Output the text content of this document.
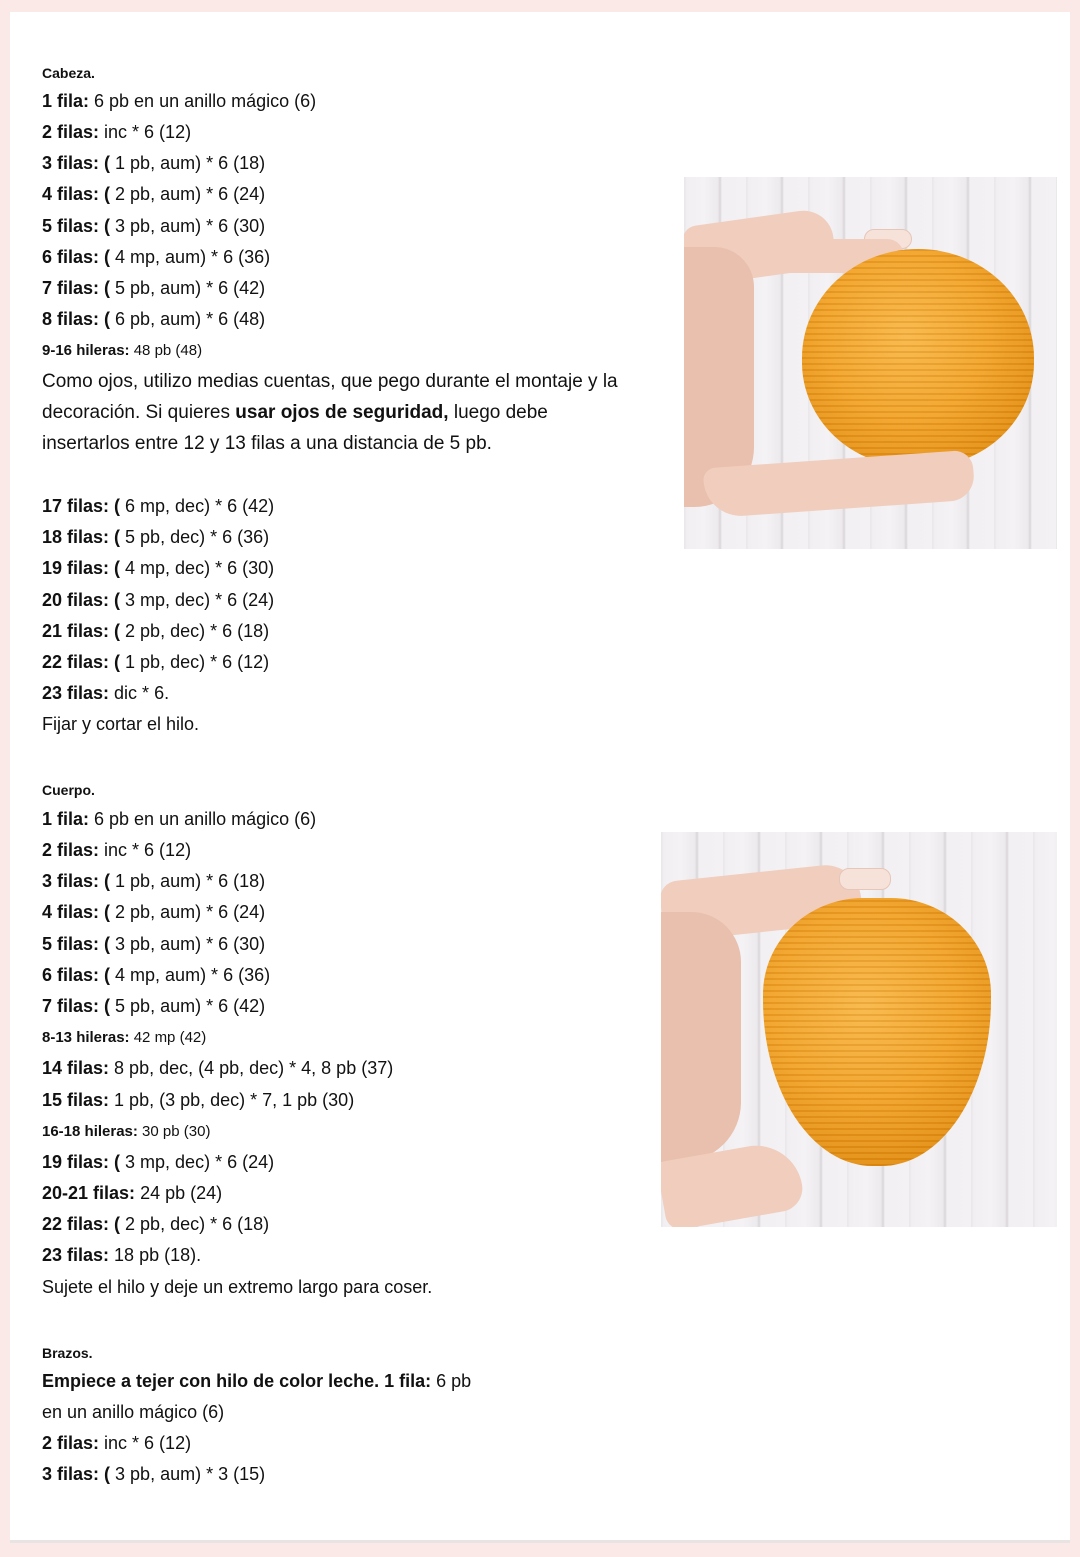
Cabeza.
1 fila: 6 pb en un anillo mágico (6)
2 filas: inc * 6 (12)
3 filas: ( 1 pb, aum) * 6 (18)
4 filas: ( 2 pb, aum) * 6 (24)
5 filas: ( 3 pb, aum) * 6 (30)
6 filas: ( 4 mp, aum) * 6 (36)
7 filas: ( 5 pb, aum) * 6 (42)
8 filas: ( 6 pb, aum) * 6 (48)
9-16 hileras: 48 pb (48)
Como ojos, utilizo medias cuentas, que pego durante el montaje y la
decoración. Si quieres usar ojos de seguridad, luego debe
insertarlos entre 12 y 13 filas a una distancia de 5 pb.
17 filas: ( 6 mp, dec) * 6 (42)
18 filas: ( 5 pb, dec) * 6 (36)
19 filas: ( 4 mp, dec) * 6 (30)
20 filas: ( 3 mp, dec) * 6 (24)
21 filas: ( 2 pb, dec) * 6 (18)
22 filas: ( 1 pb, dec) * 6 (12)
23 filas: dic * 6.
Fijar y cortar el hilo.
Cuerpo.
1 fila: 6 pb en un anillo mágico (6)
2 filas: inc * 6 (12)
3 filas: ( 1 pb, aum) * 6 (18)
4 filas: ( 2 pb, aum) * 6 (24)
5 filas: ( 3 pb, aum) * 6 (30)
6 filas: ( 4 mp, aum) * 6 (36)
7 filas: ( 5 pb, aum) * 6 (42)
8-13 hileras: 42 mp (42)
14 filas: 8 pb, dec, (4 pb, dec) * 4, 8 pb (37)
15 filas: 1 pb, (3 pb, dec) * 7, 1 pb (30)
16-18 hileras: 30 pb (30)
19 filas: ( 3 mp, dec) * 6 (24)
20-21 filas: 24 pb (24)
22 filas: ( 2 pb, dec) * 6 (18)
23 filas: 18 pb (18).
Sujete el hilo y deje un extremo largo para coser.
Brazos.
Empiece a tejer con hilo de color leche. 1 fila: 6 pb
en un anillo mágico (6)
2 filas: inc * 6 (12)
3 filas: ( 3 pb, aum) * 3 (15)
